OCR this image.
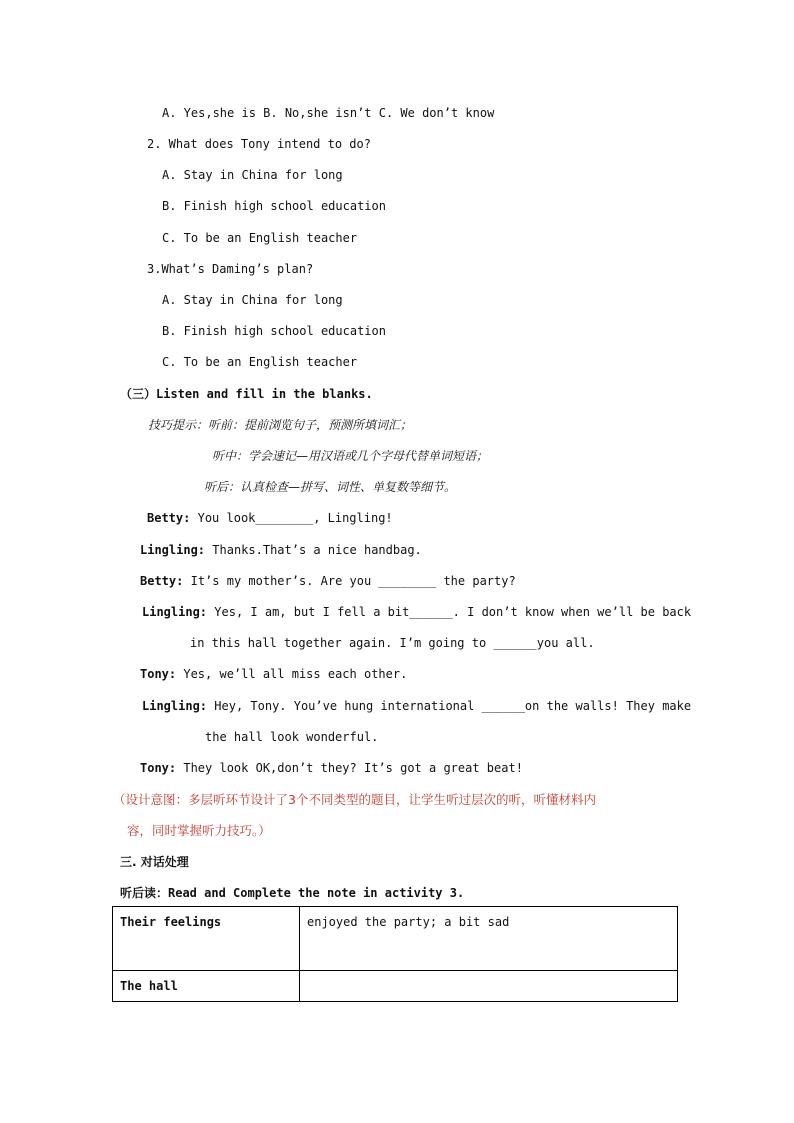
A. Yes,she is B. No,she isn’t C. We don’t know
2. What does Tony intend to do?
A. Stay in China for long
B. Finish high school education
C. To be an English teacher
3.What’s Daming’s plan?
A. Stay in China for long
B. Finish high school education
C. To be an English teacher
（三）Listen and fill in the blanks.
技巧提示：听前：提前浏览句子，预测所填词汇；
听中：学会速记—用汉语或几个字母代替单词短语；
听后：认真检查—拼写、词性、单复数等细节。
Betty: You look________, Lingling!
Lingling: Thanks.That’s a nice handbag.
Betty: It’s my mother’s. Are you ________ the party?
Lingling: Yes, I am, but I fell a bit______. I don’t know when we’ll be back
in this hall together again. I’m going to ______you all.
Tony: Yes, we’ll all miss each other.
Lingling: Hey, Tony. You’ve hung international ______on the walls! They make
the hall look wonderful.
Tony: They look OK,don’t they? It’s got a great beat!
（设计意图：多层听环节设计了3个不同类型的题目，让学生听过层次的听，听懂材料内
容，同时掌握听力技巧。）
三. 对话处理
听后读：Read and Complete the note in activity 3.
Their feelings	enjoyed the party; a bit sad
The hall	
